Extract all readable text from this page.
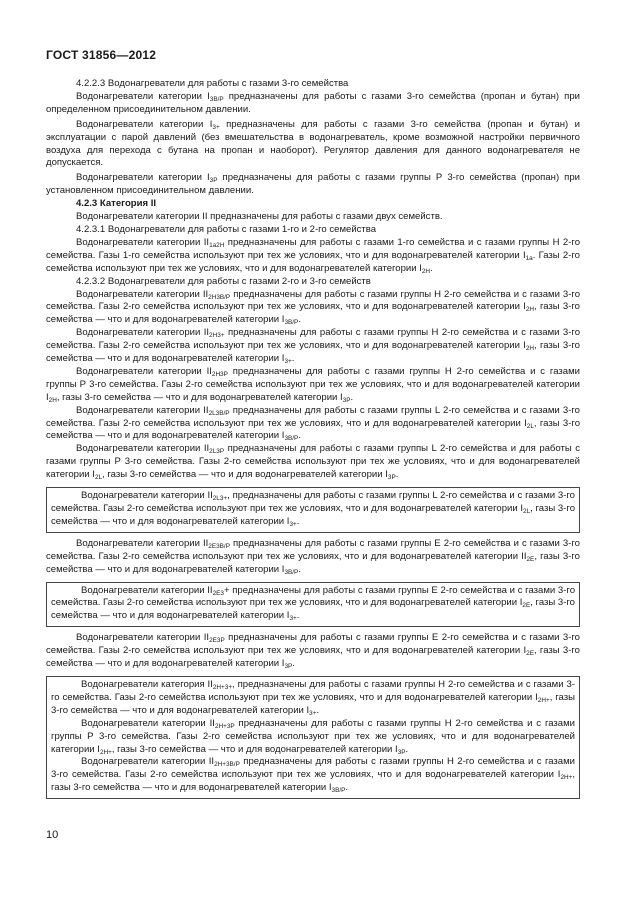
ГОСТ 31856—2012

4.2.2.3 Водонагреватели для работы с газами 3-го семейства

Водонагреватели категории $I_{3B/P}$ предназначены для работы с газами 3-го семейства (пропан и бутан) при определенном присоединительном давлении.

Водонагреватели категории $I_{3+}$ предназначены для работы с газами 3-го семейства (пропан и бутан) и эксплуатации с парой давлений (без вмешательства в водонагреватель, кроме возможной настройки первичного воздуха для перехода с бутана на пропан и наоборот). Регулятор давления для данного водонагревателя не допускается.

Водонагреватели категории $I_{3P}$ предназначены для работы с газами группы Р 3-го семейства (пропан) при установленном присоединительном давлении.

4.2.3 Категория II

Водонагреватели категории II предназначены для работы с газами двух семейств.

4.2.3.1 Водонагреватели для работы с газами 1-го и 2-го семейства

Водонагреватели категории $II_{1a2H}$ предназначены для работы с газами 1-го семейства и с газами группы Н 2-го семейства. Газы 1-го семейства используют при тех же условиях, что и для водонагревателей категории $I_{1a}$. Газы 2-го семейства используют при тех же условиях, что и для водонагревателей категории $I_{2H}$.

4.2.3.2 Водонагреватели для работы с газами 2-го и 3-го семейств

Водонагреватели категории $II_{2H3B/P}$ предназначены для работы с газами группы Н 2-го семейства и с газами 3-го семейства. Газы 2-го семейства используют при тех же условиях, что и для водонагревателей категории $I_{2H}$, газы 3-го семейства — что и для водонагревателей категории $I_{3B/P}$.

Водонагреватели категории $II_{2H3+}$ предназначены для работы с газами группы Н 2-го семейства и с газами 3-го семейства. Газы 2-го семейства используют при тех же условиях, что и для водонагревателей категории $I_{2H}$, газы 3-го семейства — что и для водонагревателей категории $I_{3+}$.

Водонагреватели категории $II_{2H3P}$ предназначены для работы с газами группы Н 2-го семейства и с газами группы Р 3-го семейства. Газы 2-го семейства используют при тех же условиях, что и для водонагревателей категории $I_{2H}$, газы 3-го семейства — что и для водонагревателей категории $I_{3P}$.

Водонагреватели категории $II_{2L3B/P}$ предназначены для работы с газами группы L 2-го семейства и с газами 3-го семейства. Газы 2-го семейства используют при тех же условиях, что и для водонагревателей категории $I_{2L}$, газы 3-го семейства — что и для водонагревателей категории $I_{3B/P}$.

Водонагреватели категории $II_{2L3P}$ предназначены для работы с газами группы L 2-го семейства и для работы с газами группы Р 3-го семейства. Газы 2-го семейства используют при тех же условиях, что и для водонагревателей категории $I_{2L}$, газы 3-го семейства — что и для водонагревателей категории $I_{3P}$.

Водонагреватели категории $II_{2L3+}$, предназначены для работы с газами группы L 2-го семейства и с газами 3-го семейства. Газы 2-го семейства используют при тех же условиях, что и для водонагревателей категории $I_{2L}$, газы 3-го семейства — что и для водонагревателей категории $I_{3+}$.

Водонагреватели категории $II_{2E3B/P}$ предназначены для работы с газами группы Е 2-го семейства и с газами 3-го семейства. Газы 2-го семейства используют при тех же условиях, что и для водонагревателей категории $II_{2E}$, газы 3-го семейства — что и для водонагревателей категории $I_{3B/P}$.

Водонагреватели категории $II_{2E3}+$ предназначены для работы с газами группы Е 2-го семейства и с газами 3-го семейства. Газы 2-го семейства используют при тех же условиях, что и для водонагревателей категории $I_{2E}$, газы 3-го семейства — что и для водонагревателей категории $I_{3+}$.

Водонагреватели категории $II_{2E3P}$ предназначены для работы с газами группы Е 2-го семейства и с газами 3-го семейства. Газы 2-го семейства используют при тех же условиях, что и для водонагревателей категории $I_{2E}$, газы 3-го семейства — что и для водонагревателей категории $I_{3P}$.

Водонагреватели категория $II_{2H+3+}$, предназначены для работы с газами группы Н 2-го семейства и с газами 3-го семейства. Газы 2-го семейства используют при тех же условиях, что и для водонагревателей категории $I_{2H+}$, газы 3-го семейства — что и для водонагревателей категории $I_{3+}$.

Водонагреватели категории $II_{2H+3P}$ предназначены для работы с газами группы Н 2-го семейства и с газами группы Р 3-го семейства. Газы 2-го семейства используют при тех же условиях, что и для водонагревателей категории $I_{2H+}$, газы 3-го семейства — что и для водонагревателей категории $I_{3P}$.

Водонагреватели категории $II_{2H+3B/P}$ предназначены для работы с газами группы Н 2-го семейства и с газами 3-го семейства. Газы 2-го семейства используют при тех же условиях, что и для водонагревателей категории $I_{2H+}$, газы 3-го семейства — что и для водонагревателей категории $I_{3B/P}$.

10
